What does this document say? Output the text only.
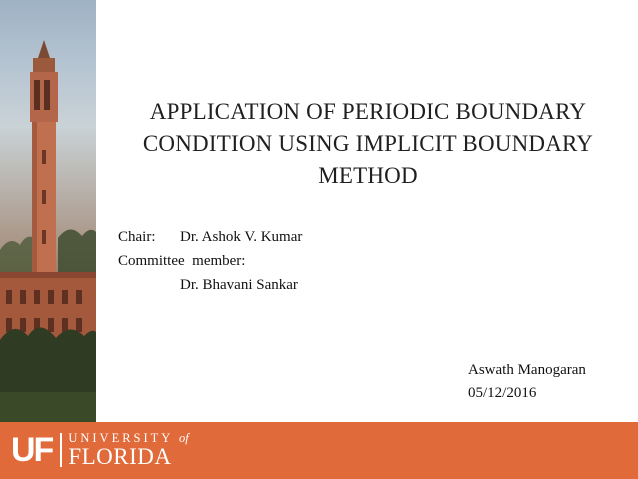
APPLICATION OF PERIODIC BOUNDARY
CONDITION USING IMPLICIT BOUNDARY
METHOD
Chair: Dr. Ashok V. Kumar
Committee  member:
Dr. Bhavani Sankar
Aswath Manogaran
05/12/2016
UF UNIVERSITY of
FLORIDA
